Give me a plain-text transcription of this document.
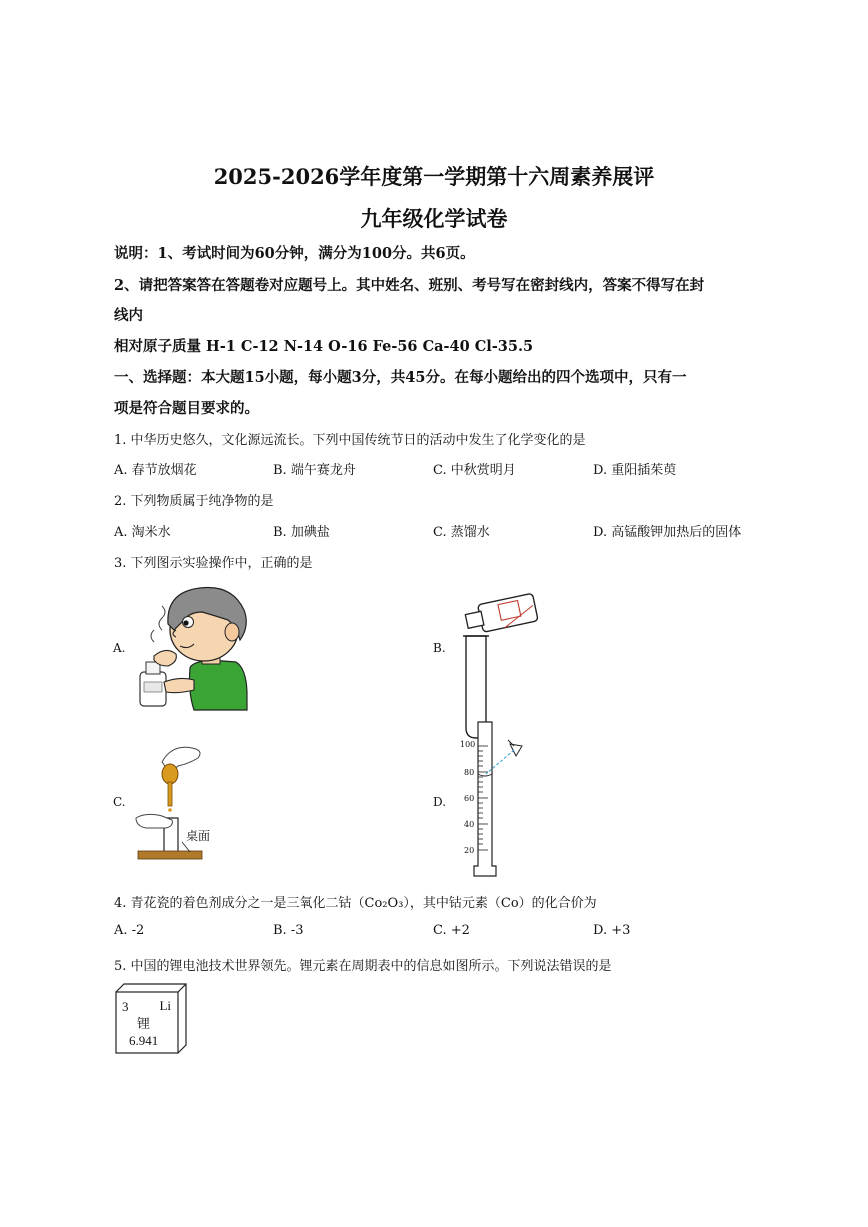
2025-2026学年度第一学期第十六周素养展评
九年级化学试卷
说明：1、考试时间为60分钟，满分为100分。共6页。
2、请把答案答在答题卷对应题号上。其中姓名、班别、考号写在密封线内，答案不得写在封
线内
相对原子质量 H-1 C-12 N-14 O-16 Fe-56 Ca-40 Cl-35.5
一、选择题：本大题15小题，每小题3分，共45分。在每小题给出的四个选项中，只有一
项是符合题目要求的。
1. 中华历史悠久，文化源远流长。下列中国传统节日的活动中发生了化学变化的是
A. 春节放烟花	B. 端午赛龙舟	C. 中秋赏明月	D. 重阳插茱萸
2. 下列物质属于纯净物的是
A. 淘米水	B. 加碘盐	C. 蒸馏水	D. 高锰酸钾加热后的固体
3. 下列图示实验操作中，正确的是
A.	B.
C.	D.
桌面
100
80
60
40
20
4. 青花瓷的着色剂成分之一是三氧化二钴（Co₂O₃），其中钴元素（Co）的化合价为
A. -2	B. -3	C. +2	D. +3
5. 中国的锂电池技术世界领先。锂元素在周期表中的信息如图所示。下列说法错误的是
3 Li
锂
6.941
